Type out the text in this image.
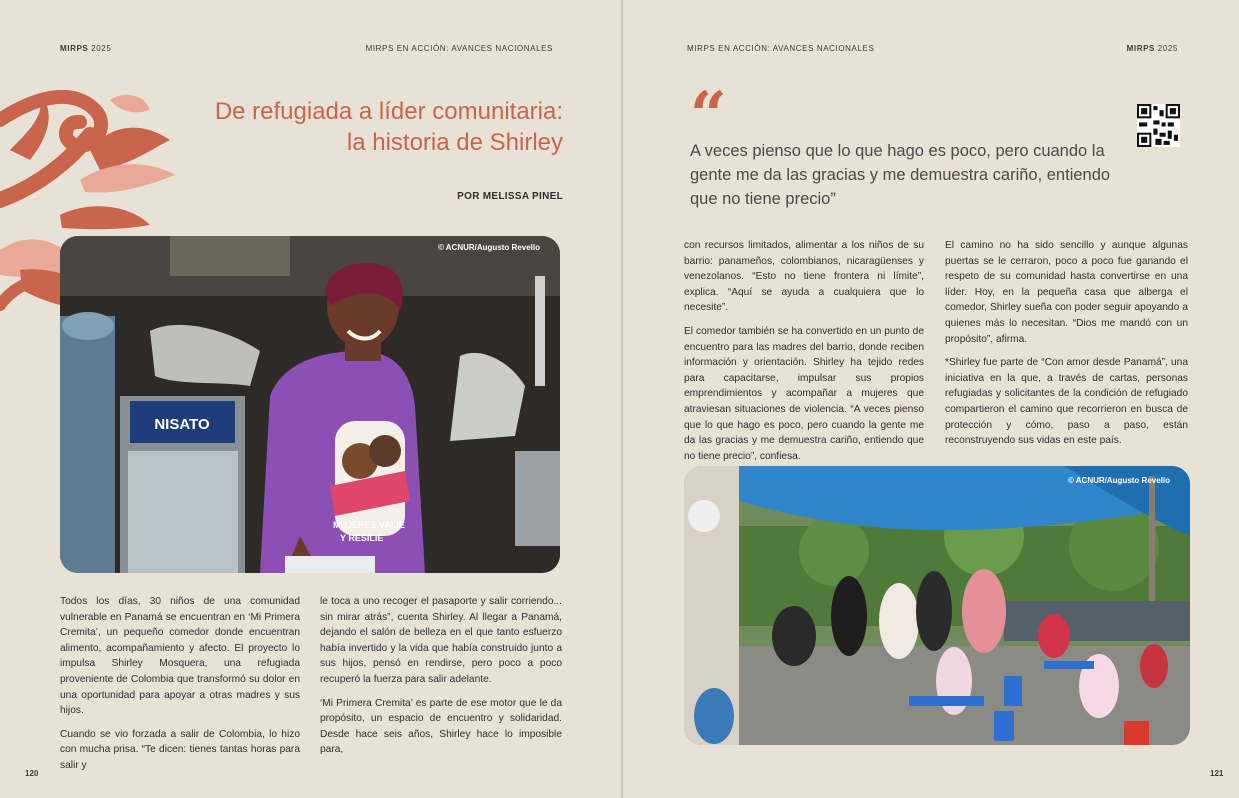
MIRPS 2025	MIRPS EN ACCIÓN: AVANCES NACIONALES
De refugiada a líder comunitaria:
la historia de Shirley
POR MELISSA PINEL
NISATO
MUJERES VALIE
Y RESILIE
© ACNUR/Augusto Revello

Todos los días, 30 niños de una comunidad vulnerable en Panamá se encuentran en ‘Mi Primera Cremita’, un pequeño comedor donde encuentran alimento, acompañamiento y afecto. El proyecto lo impulsa Shirley Mosquera, una refugiada proveniente de Colombia que transformó su dolor en una oportunidad para apoyar a otras madres y sus hijos.

Cuando se vio forzada a salir de Colombia, lo hizo con mucha prisa. “Te dicen: tienes tantas horas para salir y

le toca a uno recoger el pasaporte y salir corriendo... sin mirar atrás”, cuenta Shirley. Al llegar a Panamá, dejando el salón de belleza en el que tanto esfuerzo había invertido y la vida que había construido junto a sus hijos, pensó en rendirse, pero poco a poco recuperó la fuerza para salir adelante.

‘Mi Primera Cremita’ es parte de ese motor que le da propósito, un espacio de encuentro y solidaridad. Desde hace seis años, Shirley hace lo imposible para,

120
MIRPS EN ACCIÓN: AVANCES NACIONALES	MIRPS 2025
“

A veces pienso que lo que hago es poco, pero cuando la gente me da las gracias y me demuestra cariño, entiendo que no tiene precio”

con recursos limitados, alimentar a los niños de su barrio: panameños, colombianos, nicaragüenses y venezolanos. “Esto no tiene frontera ni límite”, explica. “Aquí se ayuda a cualquiera que lo necesite”.

El comedor también se ha convertido en un punto de encuentro para las madres del barrio, donde reciben información y orientación. Shirley ha tejido redes para capacitarse, impulsar sus propios emprendimientos y acompañar a mujeres que atraviesan situaciones de violencia. “A veces pienso que lo que hago es poco, pero cuando la gente me da las gracias y me demuestra cariño, entiendo que no tiene precio”, confiesa.

El camino no ha sido sencillo y aunque algunas puertas se le cerraron, poco a poco fue ganando el respeto de su comunidad hasta convertirse en una líder. Hoy, en la pequeña casa que alberga el comedor, Shirley sueña con poder seguir apoyando a quienes más lo necesitan. “Dios me mandó con un propósito”, afirma.

*Shirley fue parte de “Con amor desde Panamá”, una iniciativa en la que, a través de cartas, personas refugiadas y solicitantes de la condición de refugiado compartieron el camino que recorrieron en busca de protección y cómo, paso a paso, están reconstruyendo sus vidas en este país.

© ACNUR/Augusto Revello
121
